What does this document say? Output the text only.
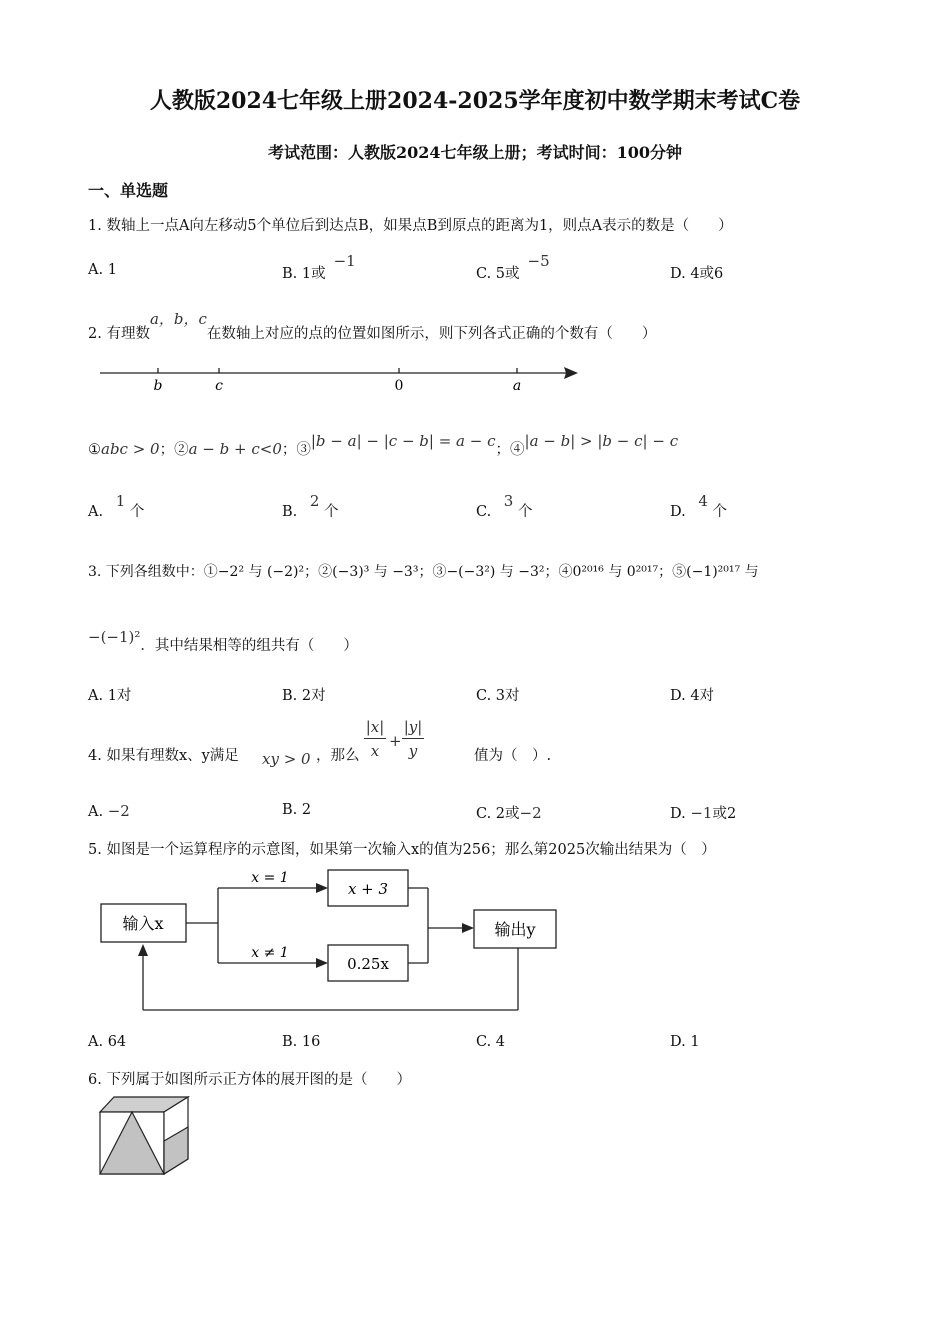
人教版2024七年级上册2024-2025学年度初中数学期末考试C卷
考试范围：人教版2024七年级上册；考试时间：100分钟
一、单选题
1. 数轴上一点A向左移动5个单位后到达点B，如果点B到原点的距离为1，则点A表示的数是（　　）
A. 1	B. 1或−1
C. 5或−5
D. 4或6
2. 有理数a，b，c在数轴上对应的点的位置如图所示，则下列各式正确的个数有（　　）
b	c	0	a
①abc > 0；②a − b + c<0；③|b − a| − |c − b| = a − c；④|a − b| > |b − c| − c
A. 1 个	B. 2 个	C. 3 个	D. 4 个
3. 下列各组数中：①−2² 与 (−2)²；②(−3)³ 与 −3³；③−(−3²) 与 −3²；④0²⁰¹⁶ 与 0²⁰¹⁷；⑤(−1)²⁰¹⁷ 与
−(−1)²．其中结果相等的组共有（　　）
A. 1对	B. 2对	C. 3对	D. 4对
4. 如果有理数x、y满足 xy > 0 ，那么 $\frac{|x|}{x} + \frac{|y|}{y}$	值为（　）.
A. −2	B. 2	C. 2或−2	D. −1或2
5. 如图是一个运算程序的示意图，如果第一次输入x的值为256；那么第2025次输出结果为（　）
输入x
x = 1
x ≠ 1
x + 3
0.25x
输出y
A. 64	B. 16	C. 4	D. 1
6. 下列属于如图所示正方体的展开图的是（　　）
